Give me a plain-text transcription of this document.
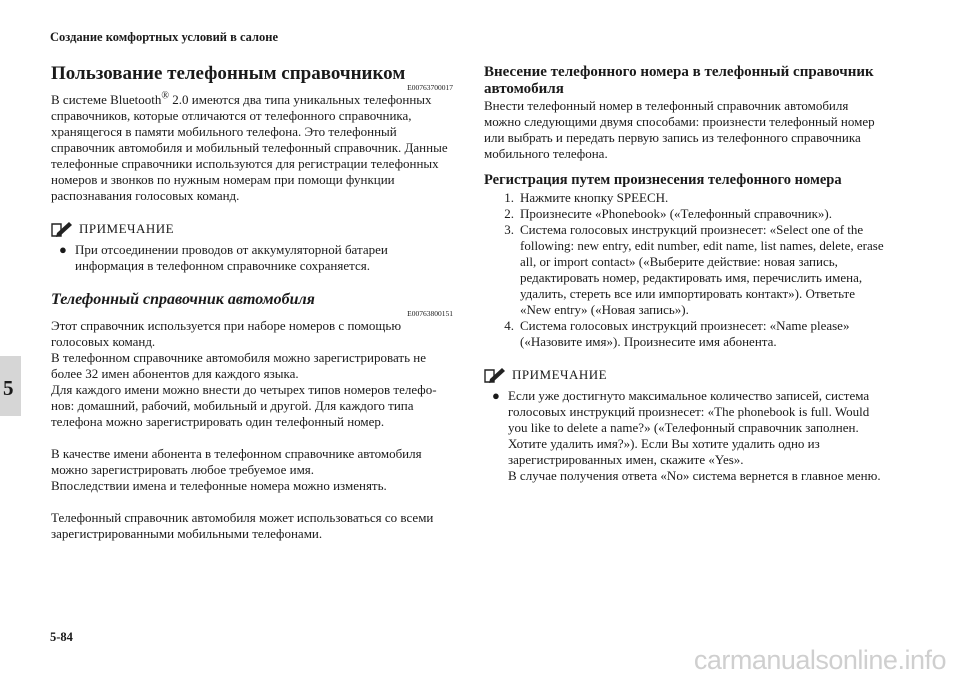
Создание комфортных условий в салоне
5
5-84
Пользование телефонным справочником
E00763700017

В системе Bluetooth® 2.0 имеются два типа уникальных телефонных справочников, которые отличаются от телефонного справочника, хранящегося в памяти мобильного телефона. Это телефонный справочник автомобиля и мобильный телефонный справочник. Данные телефонные справочники используются для регистрации телефонных номеров и звонков по нужным номерам при помощи функции распознавания голосовых команд.

ПРИМЕЧАНИЕ
● При отсоединении проводов от аккумуляторной батареи информация в телефонном справочнике сохраняется.
Телефонный справочник автомобиля
E00763800151

Этот справочник используется при наборе номеров с помощью голосовых команд.

В телефонном справочнике автомобиля можно зарегистрировать не более 32 имен абонентов для каждого языка.

Для каждого имени можно внести до четырех типов номеров телефо-нов: домашний, рабочий, мобильный и другой. Для каждого типа телефона можно зарегистрировать один телефонный номер.

В качестве имени абонента в телефонном справочнике автомобиля можно зарегистрировать любое требуемое имя.

Впоследствии имена и телефонные номера можно изменять.

Телефонный справочник автомобиля может использоваться со всеми зарегистрированными мобильными телефонами.

Внесение телефонного номера в телефонный справочник автомобиля

Внести телефонный номер в телефонный справочник автомобиля можно следующими двумя способами: произнести телефонный номер или выбрать и передать первую запись из телефонного справочника мобильного телефона.

Регистрация путем произнесения телефонного номера
1. Нажмите кнопку SPEECH.
2. Произнесите «Phonebook» («Телефонный справочник»).
3. Система голосовых инструкций произнесет: «Select one of the following: new entry, edit number, edit name, list names, delete, erase all, or import contact» («Выберите действие: новая запись, редактировать номер, редактировать имя, перечислить имена, удалить, стереть все или импортировать контакт»). Ответьте «New entry» («Новая запись»).
4. Система голосовых инструкций произнесет: «Name please» («Назовите имя»). Произнесите имя абонента.
ПРИМЕЧАНИЕ
● Если уже достигнуто максимальное количество записей, система голосовых инструкций произнесет: «The phonebook is full. Would you like to delete a name?» («Телефонный справочник заполнен. Хотите удалить имя?»). Если Вы хотите удалить одно из зарегистрированных имен, скажите «Yes».
В случае получения ответа «No» система вернется в главное меню.
carmanualsonline.info
